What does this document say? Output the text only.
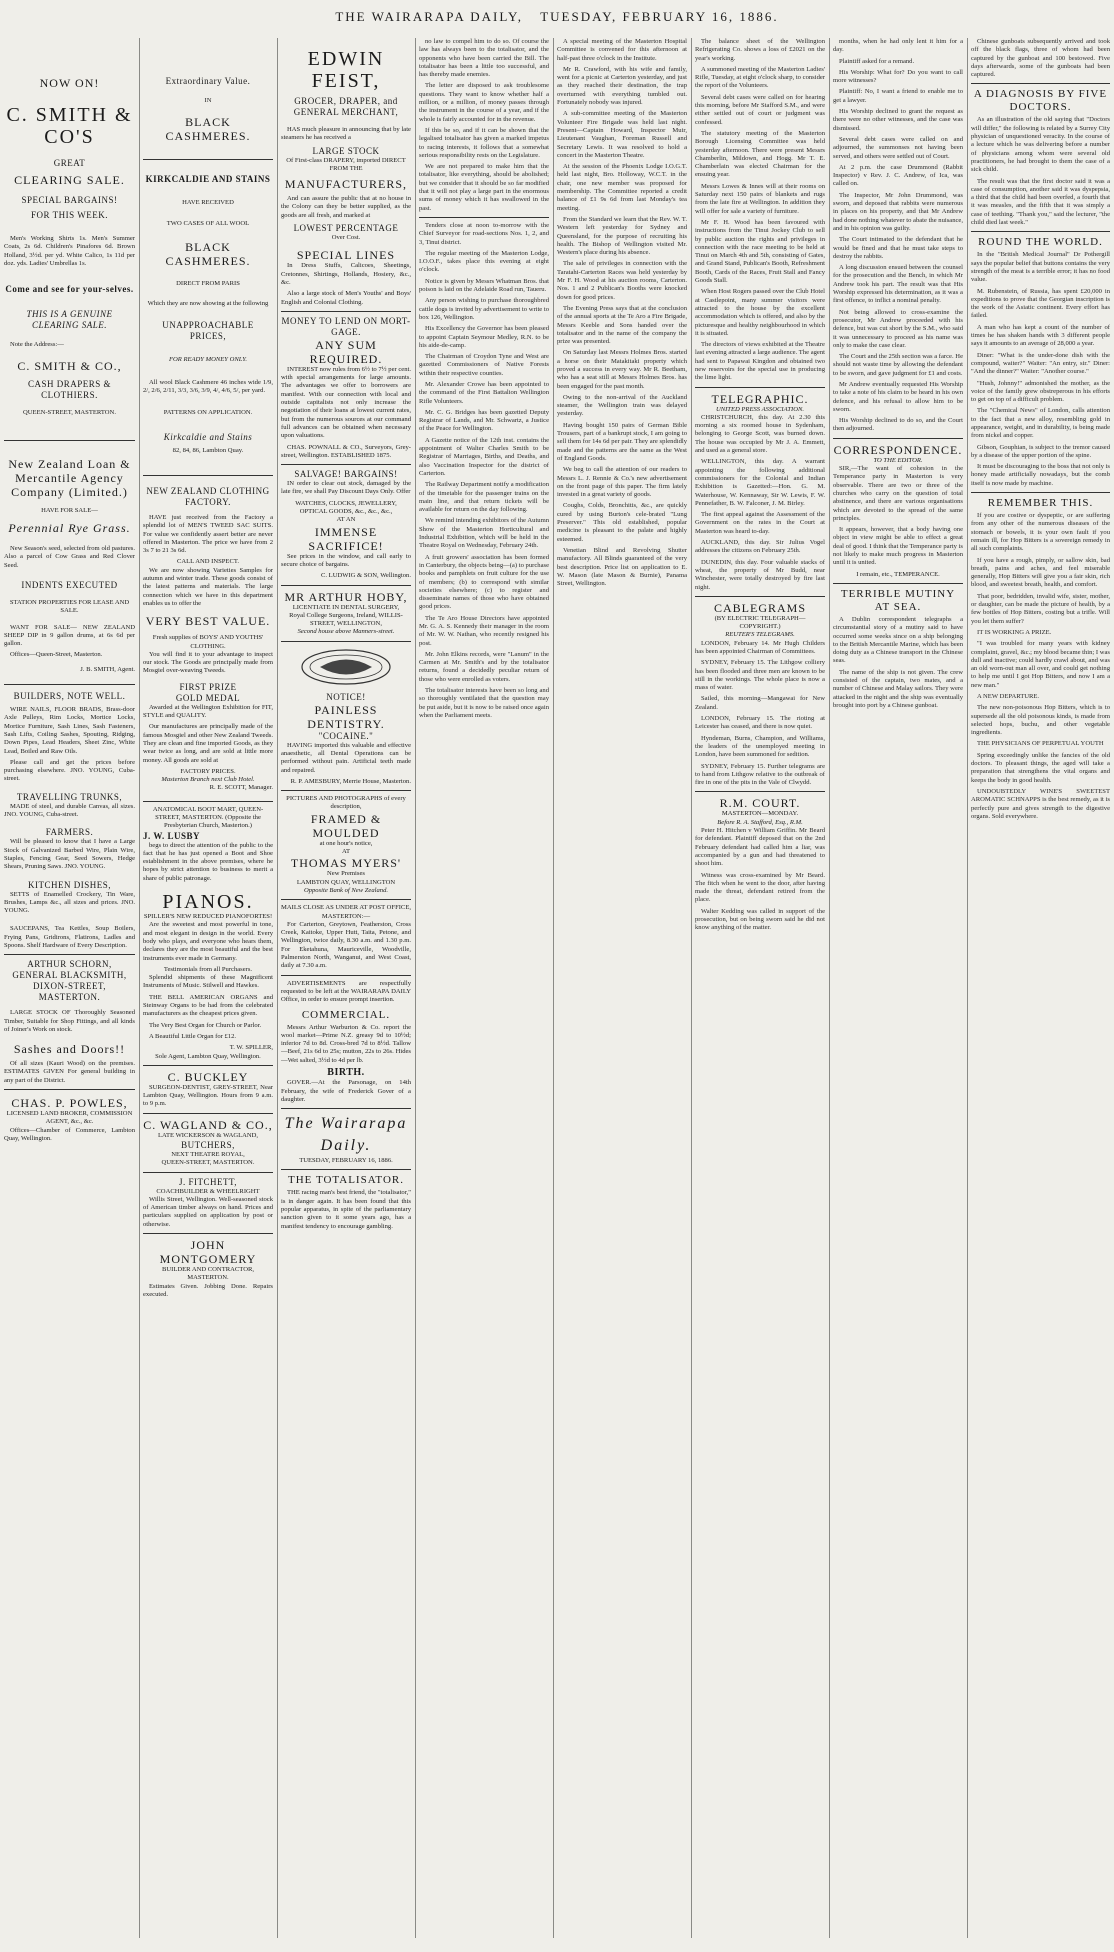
THE WAIRARAPA DAILY, TUESDAY, FEBRUARY 16, 1886.
NOW ON!
C. SMITH & CO'S
GREAT
CLEARING SALE.
SPECIAL BARGAINS!
FOR THIS WEEK.

Men's Working Shirts 1s. Men's Summer Coats, 2s 6d. Children's Pinafores 6d. Brown Holland, 3½d. per yd. White Calico, 1s 11d per doz. yds. Ladies' Umbrellas 1s.

Come and see for your-selves.
THIS IS A GENUINE CLEARING SALE.

Note the Address:—

C. SMITH & CO.,
CASH DRAPERS & CLOTHIERS.
QUEEN-STREET, MASTERTON.
New Zealand Loan & Mercantile Agency Company (Limited.)
HAVE FOR SALE—
Perennial Rye Grass.

New Season's seed, selected from old pastures. Also a parcel of Cow Grass and Red Clover Seed.

INDENTS EXECUTED
STATION PROPERTIES FOR LEASE AND SALE.

WANT FOR SALE— NEW ZEALAND SHEEP DIP in 9 gallon drums, at 6s 6d per gallon.

Offices—Queen-Street, Masterton.

J. B. SMITH, Agent.
BUILDERS, NOTE WELL.

WIRE NAILS, FLOOR BRADS, Brass-door Axle Pulleys, Rim Locks, Mortice Locks, Mortice Furniture, Sash Lines, Sash Fasteners, Sash Lifts, Coiling Sashes, Spouting, Ridging, Down Pipes, Lead Headers, Sheet Zinc, White Lead, Boiled and Raw Oils.

Please call and get the prices before purchasing elsewhere. JNO. YOUNG, Cuba-street.

TRAVELLING TRUNKS,

MADE of steel, and durable Canvas, all sizes. JNO. YOUNG, Cuba-street.

FARMERS.

Will be pleased to know that I have a Large Stock of Galvanized Barbed Wire, Plain Wire, Staples, Fencing Gear, Seed Sowers, Hedge Shears, Pruning Saws. JNO. YOUNG.

KITCHEN DISHES,

SETTS of Enamelled Crockery, Tin Ware, Brushes, Lamps &c., all sizes and prices. JNO. YOUNG.

SAUCEPANS, Tea Kettles, Soup Boilers, Frying Pans, Gridirons, Flatirons, Ladles and Spoons. Shelf Hardware of Every Description.

ARTHUR SCHORN, GENERAL BLACKSMITH, DIXON-STREET, MASTERTON.

LARGE STOCK OF Thoroughly Seasoned Timber, Suitable for Shop Fittings, and all kinds of Joiner's Work on stock.

Sashes and Doors!!

Of all sizes (Kauri Wood) on the premises. ESTIMATES GIVEN For general building in any part of the District.

CHAS. P. POWLES,
LICENSED LAND BROKER, COMMISSION AGENT, &c., &c.

Offices—Chamber of Commerce, Lambton Quay, Wellington.

Extraordinary Value.
IN
BLACK CASHMERES.
KIRKCALDIE AND STAINS
HAVE RECEIVED
TWO CASES OF ALL WOOL
BLACK CASHMERES.
DIRECT FROM PARIS
Which they are now showing at the following
UNAPPROACHABLE PRICES,
FOR READY MONEY ONLY.

All wool Black Cashmere 46 inches wide 1/9, 2/, 2/6, 2/11, 3/3, 3/6, 3/9, 4/, 4/6, 5/, per yard.

PATTERNS ON APPLICATION.
Kirkcaldie and Stains
82, 84, 86, Lambton Quay.
NEW ZEALAND CLOTHING FACTORY.

HAVE just received from the Factory a splendid lot of MEN'S TWEED SAC SUITS. For value we confidently assert better are never offered in Masterton. The price we have from 2 3s 7 to 21 3s 6d.

CALL AND INSPECT.

We are now showing Varieties Samples for autumn and winter trade. These goods consist of the latest patterns and materials. The large connection which we have in this department enables us to offer the

VERY BEST VALUE.
Fresh supplies of BOYS' AND YOUTHS' CLOTHING.

You will find it to your advantage to inspect our stock. The Goods are principally made from Mosgiel over-weaving Tweeds.

FIRST PRIZE
GOLD MEDAL

Awarded at the Wellington Exhibition for FIT, STYLE and QUALITY.

Our manufactures are principally made of the famous Mosgiel and other New Zealand Tweeds. They are clean and fine imported Goods, as they wear twice as long, and are sold at little more money. All goods are sold at

FACTORY PRICES.
Masterton Branch next Club Hotel.
R. E. SCOTT, Manager.
ANATOMICAL BOOT MART, QUEEN-STREET, MASTERTON. (Opposite the Presbyterian Church, Masterton.)
J. W. LUSBY

begs to direct the attention of the public to the fact that he has just opened a Boot and Shoe establishment in the above premises, where he hopes by strict attention to business to merit a share of public patronage.

PIANOS.
SPILLER'S NEW REDUCED PIANOFORTES!

Are the sweetest and most powerful in tone, and most elegant in design in the world. Every body who plays, and everyone who hears them, declares they are the most beautiful and the best instruments ever made in Germany.

Testimonials from all Purchasers.

Splendid shipments of these Magnificent Instruments of Music. Stilwell and Hawkes.

THE BELL AMERICAN ORGANS and Steinway Organs to be had from the celebrated manufacturers as the cheapest prices given.

The Very Best Organ for Church or Parlor.

A Beautiful Little Organ for £12.

T. W. SPILLER,
Sole Agent, Lambton Quay, Wellington.
C. BUCKLEY

SURGEON-DENTIST, GREY-STREET, Near Lambton Quay, Wellington. Hours from 9 a.m. to 9 p.m.

C. WAGLAND & CO.,
LATE WICKERSON & WAGLAND,
BUTCHERS,
NEXT THEATRE ROYAL,
QUEEN-STREET, MASTERTON.
J. FITCHETT,
COACHBUILDER & WHEELRIGHT

Willis Street, Wellington. Well-seasoned stock of American timber always on hand. Prices and particulars supplied on application by post or otherwise.

JOHN MONTGOMERY
BUILDER AND CONTRACTOR, MASTERTON.

Estimates Given. Jobbing Done. Repairs executed.

EDWIN FEIST,
GROCER, DRAPER, and GENERAL MERCHANT,

HAS much pleasure in announcing that by late steamers he has received a

LARGE STOCK
Of First-class DRAPERY, imported DIRECT FROM THE
MANUFACTURERS,

And can assure the public that at no house in the Colony can they be better supplied, as the goods are all fresh, and marked at

LOWEST PERCENTAGE
Over Cost.
SPECIAL LINES

In Dress Stuffs, Calicoes, Sheetings, Cretonnes, Shirtings, Hollands, Hosiery, &c., &c.

Also a large stock of Men's Youths' and Boys' English and Colonial Clothing.

MONEY TO LEND ON MORT-GAGE.
ANY SUM REQUIRED.

INTEREST now rules from 6½ to 7½ per cent. with special arrangements for large amounts. The advantages we offer to borrowers are manifest. With our connection with local and outside capitalists not only increase the negotiation of their loans at lowest current rates, but from the numerous sources at our command full advances can be obtained when necessary upon valuations.

CHAS. POWNALL & CO., Surveyors, Grey-street, Wellington. ESTABLISHED 1875.

SALVAGE! BARGAINS!

IN order to clear out stock, damaged by the late fire, we shall Pay Discount Days Only. Offer

WATCHES, CLOCKS, JEWELLERY, OPTICAL GOODS, &c., &c., &c.,
AT AN
IMMENSE SACRIFICE!

See prices in the window, and call early to secure choice of bargains.

C. LUDWIG & SON, Wellington.
MR ARTHUR HOBY,
LICENTIATE IN DENTAL SURGERY,
Royal College Surgeons, Ireland, WILLIS-STREET, WELLINGTON,
Second house above Manners-street.
NOTICE!
PAINLESS DENTISTRY.
"COCAINE."

HAVING imported this valuable and effective anaesthetic, all Dental Operations can be performed without pain. Artificial teeth made and repaired.

R. P. AMESBURY, Merrie House, Masterton.
PICTURES AND PHOTOGRAPHS of every description,
FRAMED & MOULDED
at one hour's notice,
AT
THOMAS MYERS'
New Premises
LAMBTON QUAY, WELLINGTON
Opposite Bank of New Zealand.
MAILS CLOSE AS UNDER AT POST OFFICE, MASTERTON:—

For Carterton, Greytown, Featherston, Cross Creek, Kaitoke, Upper Hutt, Taita, Petone, and Wellington, twice daily, 8.30 a.m. and 1.30 p.m. For Eketahuna, Mauriceville, Woodville, Palmerston North, Wanganui, and West Coast, daily at 7.30 a.m.

ADVERTISEMENTS are respectfully requested to be left at the WAIRARAPA DAILY Office, in order to ensure prompt insertion.

COMMERCIAL.

Messrs Arthur Warburton & Co. report the wool market—Prime N.Z. greasy 9d to 10½d; inferior 7d to 8d. Cross-bred 7d to 8½d. Tallow—Beef, 21s 6d to 25s; mutton, 22s to 26s. Hides—Wet salted, 3½d to 4d per lb.

BIRTH.

GOVER.—At the Parsonage, on 14th February, the wife of Frederick Gover of a daughter.

The Wairarapa Daily.
TUESDAY, FEBRUARY 16, 1886.
THE TOTALISATOR.

THE racing man's best friend, the "totalisator," is in danger again. It has been found that this popular apparatus, in spite of the parliamentary sanction given to it some years ago, has a manifest tendency to encourage gambling.

no law to compel him to do so. Of course the law has always been to the totalisator, and the opponents who have been carried the Bill. The totalisator has been a little too successful, and has thereby made enemies.

The letter are disposed to ask troublesome questions. They want to know whether half a million, or a million, of money passes through the instrument in the course of a year, and if the whole is fairly accounted for in the revenue.

If this be so, and if it can be shown that the legalised totalisator has given a marked impetus to racing interests, it follows that a somewhat serious responsibility rests on the Legislature.

We are not prepared to make him that the totalisator, like everything, should be abolished; but we consider that it should be so far modified that it will not play a large part in the enormous sums of money which it has swallowed in the past.

Tenders close at noon to-morrow with the Chief Surveyor for road-sections Nos. 1, 2, and 3, Tinui district.

The regular meeting of the Masterton Lodge, I.O.O.F., takes place this evening at eight o'clock.

Notice is given by Messrs Whatman Bros. that poison is laid on the Adelaide Road run, Taueru.

Any person wishing to purchase thoroughbred cattle dogs is invited by advertisement to write to box 126, Wellington.

His Excellency the Governor has been pleased to appoint Captain Seymour Medley, R.N. to be his aide-de-camp.

The Chairman of Croydon Tyne and West are gazetted Commissioners of Native Forests within their respective counties.

Mr. Alexander Crowe has been appointed to the command of the First Battalion Wellington Rifle Volunteers.

Mr. C. G. Bridges has been gazetted Deputy Registrar of Lands, and Mr. Schwartz, a Justice of the Peace for Wellington.

A Gazette notice of the 12th inst. contains the appointment of Walter Charles Smith to be Registrar of Marriages, Births, and Deaths, and also Vaccination Inspector for the district of Carterton.

The Railway Department notify a modification of the timetable for the passenger trains on the main line, and that return tickets will be available for return on the day following.

We remind intending exhibitors of the Autumn Show of the Masterton Horticultural and Industrial Exhibition, which will be held in the Theatre Royal on Wednesday, February 24th.

A fruit growers' association has been formed in Canterbury, the objects being—(a) to purchase books and pamphlets on fruit culture for the use of members; (b) to correspond with similar societies elsewhere; (c) to register and disseminate names of those who have obtained good prices.

The Te Aro House Directors have appointed Mr. G. A. S. Kennedy their manager in the room of Mr. W. W. Nathan, who recently resigned his post.

Mr. John Elkins records, were "Lanum" in the Carmen at Mr. Smith's and by the totalisator returns, found a decidedly peculiar return of those who were enrolled as voters.

The totalisator interests have been so long and so thoroughly ventilated that the question may be put aside, but it is now to be raised once again when the Parliament meets.

A special meeting of the Masterton Hospital Committee is convened for this afternoon at half-past three o'clock in the Institute.

Mr R. Crawford, with his wife and family, went for a picnic at Carterton yesterday, and just as they reached their destination, the trap overturned with everything tumbled out. Fortunately nobody was injured.

A sub-committee meeting of the Masterton Volunteer Fire Brigade was held last night. Present—Captain Howard, Inspector Muir, Lieutenant Vaughan, Foreman Russell and Secretary Lewis. It was resolved to hold a concert in the Masterton Theatre.

At the session of the Phoenix Lodge I.O.G.T. held last night, Bro. Holloway, W.C.T. in the chair, one new member was proposed for membership. The Committee reported a credit balance of £1 9s 6d from last Monday's tea meeting.

From the Standard we learn that the Rev. W. T. Western left yesterday for Sydney and Queensland, for the purpose of recruiting his health. The Bishop of Wellington visited Mr. Western's place during his absence.

The sale of privileges in connection with the Taratahi-Carterton Races was held yesterday by Mr F. H. Wood at his auction rooms, Carterton. Nos. 1 and 2 Publican's Booths were knocked down for good prices.

The Evening Press says that at the conclusion of the annual sports at the Te Aro a Fire Brigade, Messrs Keeble and Sons handed over the totalisator and in the name of the company the prize was presented.

On Saturday last Messrs Holmes Bros. started a horse on their Matakitaki property which proved a success in every way. Mr R. Beetham, who has a seat still at Messrs Holmes Bros. has been engaged for the past month.

Owing to the non-arrival of the Auckland steamer, the Wellington train was delayed yesterday.

Having bought 150 pairs of German Bible Trousers, part of a bankrupt stock, I am going to sell them for 14s 6d per pair. They are splendidly made and the patterns are the same as the West of England Goods.

We beg to call the attention of our readers to Messrs L. J. Rennie & Co.'s new advertisement on the front page of this paper. The firm lately invested in a great variety of goods.

Coughs, Colds, Bronchitis, &c., are quickly cured by using Burton's cele-brated "Lung Preserver." This old established, popular medicine is pleasant to the palate and highly esteemed.

Venetian Blind and Revolving Shutter manufactory. All Blinds guaranteed of the very best description. Price list on application to E. W. Mason (late Mason & Burnie), Panama Street, Wellington.

The balance sheet of the Wellington Refrigerating Co. shows a loss of £2021 on the year's working.

A summoned meeting of the Masterton Ladies' Rifle, Tuesday, at eight o'clock sharp, to consider the report of the Volunteers.

Several debt cases were called on for hearing this morning, before Mr Stafford S.M., and were either settled out of court or judgment was confessed.

The statutory meeting of the Masterton Borough Licensing Committee was held yesterday afternoon. There were present Messrs Chamberlin, Mildown, and Hogg. Mr T. E. Chamberlain was elected Chairman for the ensuing year.

Messrs Lowes & Innes will at their rooms on Saturday next 150 pairs of blankets and rugs from the late fire at Wellington. In addition they will offer for sale a variety of furniture.

Mr F. H. Wood has been favoured with instructions from the Tinui Jockey Club to sell by public auction the rights and privileges in connection with the race meeting to be held at Tinui on March 4th and 5th, consisting of Gates, and Grand Stand, Publican's Booth, Refreshment Booth, Cards of the Races, Fruit Stall and Fancy Goods Stall.

When Host Rogers passed over the Club Hotel at Castlepoint, many summer visitors were attracted to the house by the excellent accommodation which is offered, and also by the picturesque and healthy neighbourhood in which it is situated.

The directors of views exhibited at the Theatre last evening attracted a large audience. The agent had sent to Papawai Kingdon and obtained two new reservoirs for the special use in producing the lime light.

TELEGRAPHIC.
UNITED PRESS ASSOCIATION.

CHRISTCHURCH, this day. At 2.30 this morning a six roomed house in Sydenham, belonging to George Scott, was burned down. The house was occupied by Mr J. A. Emmett, and used as a general store.

WELLINGTON, this day. A warrant appointing the following additional commissioners for the Colonial and Indian Exhibition is Gazetted:—Hon. G. M. Waterhouse, W. Kennaway, Sir W. Lewis, F. W. Pennefather, B. W. Falconer, J. M. Birley.

The first appeal against the Assessment of the Government on the rates in the Court at Masterton was heard to-day.

AUCKLAND, this day. Sir Julius Vogel addresses the citizens on February 25th.

DUNEDIN, this day. Four valuable stacks of wheat, the property of Mr Budd, near Winchester, were totally destroyed by fire last night.

CABLEGRAMS
(BY ELECTRIC TELEGRAPH—COPYRIGHT.)
REUTER'S TELEGRAMS.

LONDON, February 14. Mr Hugh Childers has been appointed Chairman of Committees.

SYDNEY, February 15. The Lithgow colliery has been flooded and three men are known to be still in the workings. The whole place is now a mass of water.

Sailed, this morning—Mangawai for New Zealand.

LONDON, February 15. The rioting at Leicester has ceased, and there is now quiet.

Hyndeman, Burns, Champion, and Williams, the leaders of the unemployed meeting in London, have been summoned for sedition.

SYDNEY, February 15. Further telegrams are to hand from Lithgow relative to the outbreak of fire in one of the pits in the Vale of Clwydd.

R.M. COURT.
MASTERTON—MONDAY.
Before R. A. Stafford, Esq., R.M.

Peter H. Hitchen v William Griffin. Mr Beard for defendant. Plaintiff deposed that on the 2nd February defendant had called him a liar, was accompanied by a gun and had threatened to shoot him.

Witness was cross-examined by Mr Beard. The fitch when he went to the door, after having made the threat, defendant retired from the place.

Walter Kedding was called in support of the prosecution, but on being sworn said he did not know anything of the matter.

months, when he had only lent it him for a day.

Plaintiff asked for a remand.

His Worship: What for? Do you want to call more witnesses?

Plaintiff: No, I want a friend to enable me to get a lawyer.

His Worship declined to grant the request as there were no other witnesses, and the case was dismissed.

Several debt cases were called on and adjourned, the summonses not having been served, and others were settled out of Court.

At 2 p.m. the case Drummond (Rabbit Inspector) v Rev. J. C. Andrew, of Ica, was called on.

The Inspector, Mr John Drummond, was sworn, and deposed that rabbits were numerous in places on his property, and that Mr Andrew had done nothing whatever to abate the nuisance, and in his opinion was guilty.

The Court intimated to the defendant that he would be fined and that he must take steps to destroy the rabbits.

A long discussion ensued between the counsel for the prosecution and the Bench, in which Mr Andrew took his part. The result was that His Worship expressed his determination, as it was a first offence, to inflict a nominal penalty.

Not being allowed to cross-examine the prosecutor, Mr Andrew proceeded with his defence, but was cut short by the S.M., who said it was unnecessary to proceed as his name was only to make the case clear.

The Court and the 25th section was a farce. He should not waste time by allowing the defendant to be sworn, and gave judgment for £1 and costs.

Mr Andrew eventually requested His Worship to take a note of his claim to be heard in his own defence, and his refusal to allow him to be sworn.

His Worship declined to do so, and the Court then adjourned.

CORRESPONDENCE.
TO THE EDITOR.

SIR,—The want of cohesion in the Temperance party in Masterton is very observable. There are two or three of the churches who carry on the question of total abstinence, and there are various organisations which are devoted to the spread of the same principles.

It appears, however, that a body having one object in view might be able to effect a great deal of good. I think that the Temperance party is not likely to make much progress in Masterton until it is united.

I remain, etc., TEMPERANCE.
TERRIBLE MUTINY AT SEA.

A Dublin correspondent telegraphs a circumstantial story of a mutiny said to have occurred some weeks since on a ship belonging to the British Mercantile Marine, which has been doing duty as a Chinese transport in the Chinese seas.

The name of the ship is not given. The crew consisted of the captain, two mates, and a number of Chinese and Malay sailors. They were attacked in the night and the ship was eventually brought into port by a Chinese gunboat.

Chinese gunboats subsequently arrived and took off the black flags, three of whom had been captured by the gunboat and 100 bestowed. Five days afterwards, some of the gunboats had been captured.

A DIAGNOSIS BY FIVE DOCTORS.

As an illustration of the old saying that "Doctors will differ," the following is related by a Surrey City physician of unquestioned veracity. In the course of a lecture which he was delivering before a number of physicians among whom were several old practitioners, he had brought to them the case of a sick child.

The result was that the first doctor said it was a case of consumption, another said it was dyspepsia, a third that the child had been overfed, a fourth that it was measles, and the fifth that it was simply a case of teething. "Thank you," said the lecturer, "the child died last week."

ROUND THE WORLD.

In the "British Medical Journal" Dr Pothergill says the popular belief that buttons contains the very strength of the meat is a terrible error; it has no food value.

M. Rubenstein, of Russia, has spent £20,000 in expeditions to prove that the Georgian inscription is the work of the Asiatic continent. Every effort has failed.

A man who has kept a count of the number of times he has shaken hands with 3 different people says it amounts to an average of 28,000 a year.

Diner: "What is the under-done dish with the compound, waiter?" Waiter: "An entry, sir." Diner: "And the dinner?" Waiter: "Another course."

"Hush, Johnny!" admonished the mother, as the voice of the family grew obstreperous in his efforts to get on top of a difficult problem.

The "Chemical News" of London, calls attention to the fact that a new alloy, resembling gold in appearance, weight, and in durability, is being made from nickel and copper.

Gibson, Gouphian, is subject to the tremor caused by a disease of the upper portion of the spine.

It must be discouraging to the boss that not only is honey made artificially nowadays, but the comb itself is now made by machine.

REMEMBER THIS.

If you are costive or dyspeptic, or are suffering from any other of the numerous diseases of the stomach or bowels, it is your own fault if you remain ill, for Hop Bitters is a sovereign remedy in all such complaints.

If you have a rough, pimply, or sallow skin, bad breath, pains and aches, and feel miserable generally, Hop Bitters will give you a fair skin, rich blood, and sweetest breath, health, and comfort.

That poor, bedridden, invalid wife, sister, mother, or daughter, can be made the picture of health, by a few bottles of Hop Bitters, costing but a trifle. Will you let them suffer?

IT IS WORKING A PRIZE.

"I was troubled for many years with kidney complaint, gravel, &c.; my blood became thin; I was dull and inactive; could hardly crawl about, and was an old worn-out man all over, and could get nothing to help me until I got Hop Bitters, and now I am a new man."

A NEW DEPARTURE.

The new non-poisonous Hop Bitters, which is to supersede all the old poisonous kinds, is made from selected hops, buchu, and other vegetable ingredients.

THE PHYSICIANS OF PERPETUAL YOUTH

Spring exceedingly unlike the fancies of the old doctors. To pleasant things, the aged will take a preparation that strengthens the vital organs and keeps the body in good health.

UNDOUBTEDLY WINE'S SWEETEST AROMATIC SCHNAPPS is the best remedy, as it is perfectly pure and gives strength to the digestive organs. Sold everywhere.
